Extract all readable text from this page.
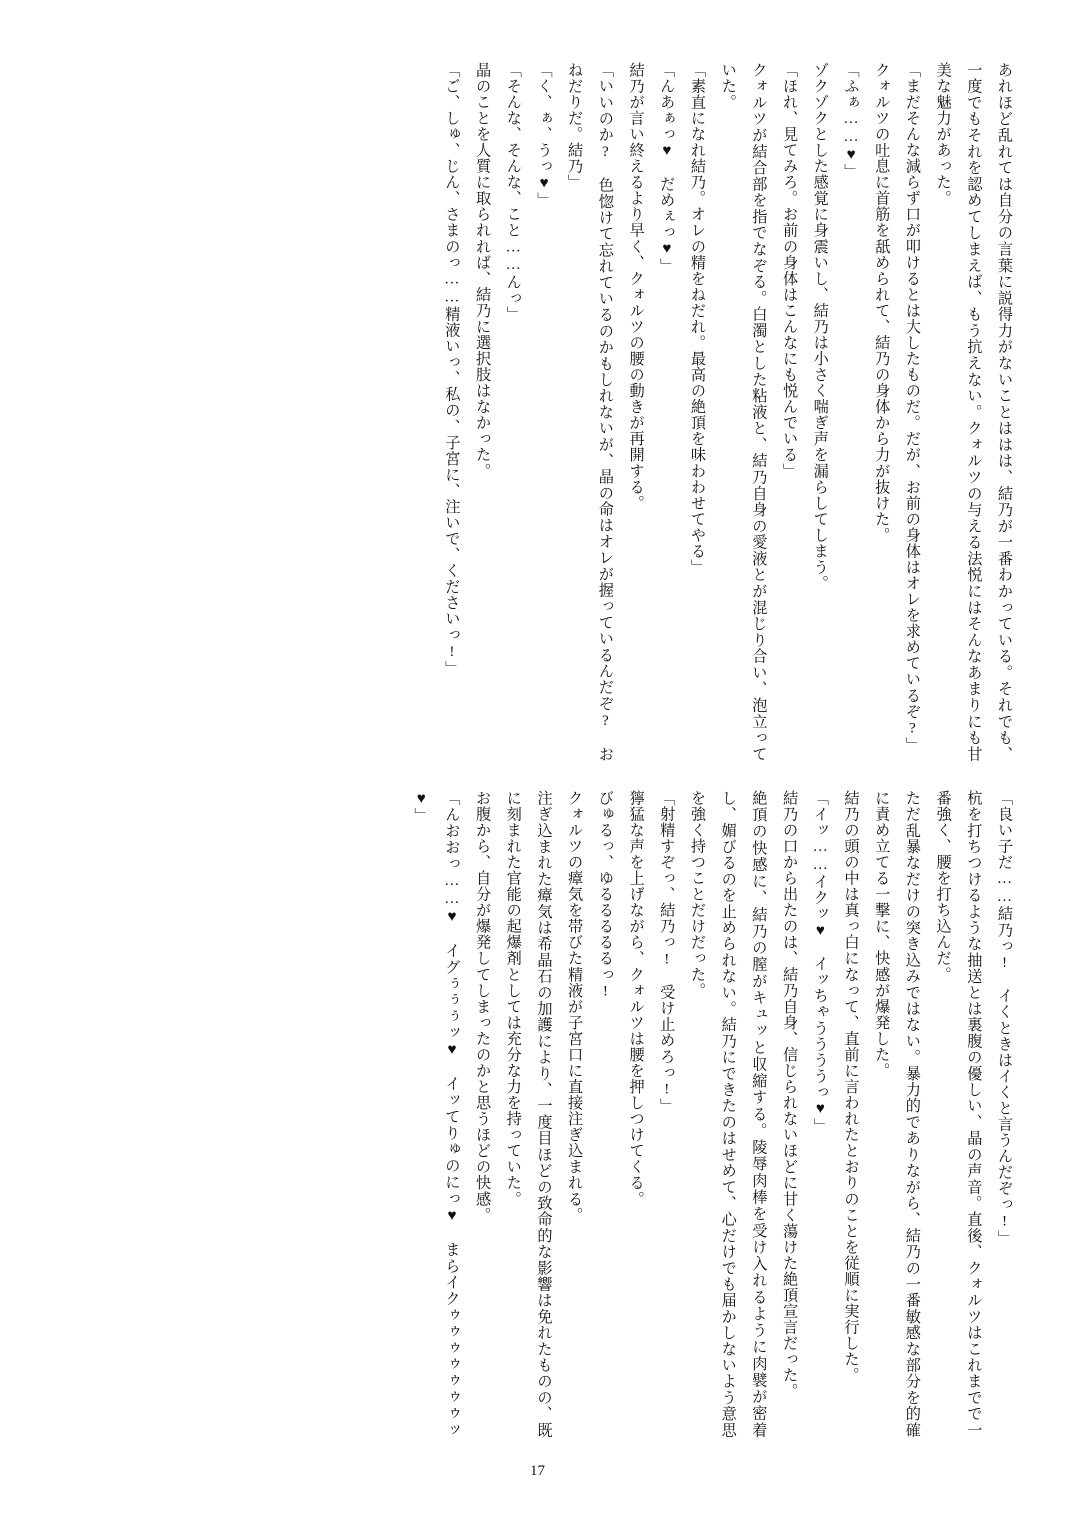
あれほど乱れては自分の言葉に説得力がないことははは、結乃が一番わかっている。それでも、一度でもそれを認めてしまえば、もう抗えない。クォルツの与える法悦にはそんなあまりにも甘美な魅力があった。

「まだそんな減らず口が叩けるとは大したものだ。だが、お前の身体はオレを求めているぞ?」

クォルツの吐息に首筋を舐められて、結乃の身体から力が抜けた。

「ふぁ……♥」

ゾクゾクとした感覚に身震いし、結乃は小さく喘ぎ声を漏らしてしまう。

「ほれ、見てみろ。お前の身体はこんなにも悦んでいる」

クォルツが結合部を指でなぞる。白濁とした粘液と、結乃自身の愛液とが混じり合い、泡立っていた。

「素直になれ結乃。オレの精をねだれ。最高の絶頂を味わわせてやる」

「んあぁっ♥　だめぇっ♥」

結乃が言い終えるより早く、クォルツの腰の動きが再開する。

「いいのか?　色惚けて忘れているのかもしれないが、晶の命はオレが握っているんだぞ?　おねだりだ。結乃」

「く、ぁ、うっ♥」

「そんな、そんな、こと……んっ」

晶のことを人質に取られれば、結乃に選択肢はなかった。

「ご、しゅ、じん、さまのっ……精液いっ、私の、子宮に、注いで、くださいっ!」

「良い子だ……結乃っ!　イくときはイくと言うんだぞっ!」

杭を打ちつけるような抽送とは裏腹の優しい、晶の声音。直後、クォルツはこれまでで一番強く、腰を打ち込んだ。

ただ乱暴なだけの突き込みではない。暴力的でありながら、結乃の一番敏感な部分を的確に責め立てる一撃に、快感が爆発した。

結乃の頭の中は真っ白になって、直前に言われたとおりのことを従順に実行した。

「イッ……イクッ♥　イッちゃううううっ♥」

結乃の口から出たのは、結乃自身、信じられないほどに甘く蕩けた絶頂宣言だった。

絶頂の快感に、結乃の膣がキュッと収縮する。陵辱肉棒を受け入れるように肉襞が密着し、媚びるのを止められない。結乃にできたのはせめて、心だけでも届かしないよう意思を強く持つことだけだった。

「射精すぞっ、結乃っ!　受け止めろっ!」

獰猛な声を上げながら、クォルツは腰を押しつけてくる。

びゅるっ、ゆるるるるるっ!

クォルツの瘴気を帯びた精液が子宮口に直接注ぎ込まれる。

注ぎ込まれた瘴気は希晶石の加護により、一度目ほどの致命的な影響は免れたものの、既に刻まれた官能の起爆剤としては充分な力を持っていた。

お腹から、自分が爆発してしまったのかと思うほどの快感。

「んおおっ……♥　イグぅぅぅッ♥　イッてりゅのにっ♥　まらイクゥゥゥゥゥゥゥッ♥」

17
